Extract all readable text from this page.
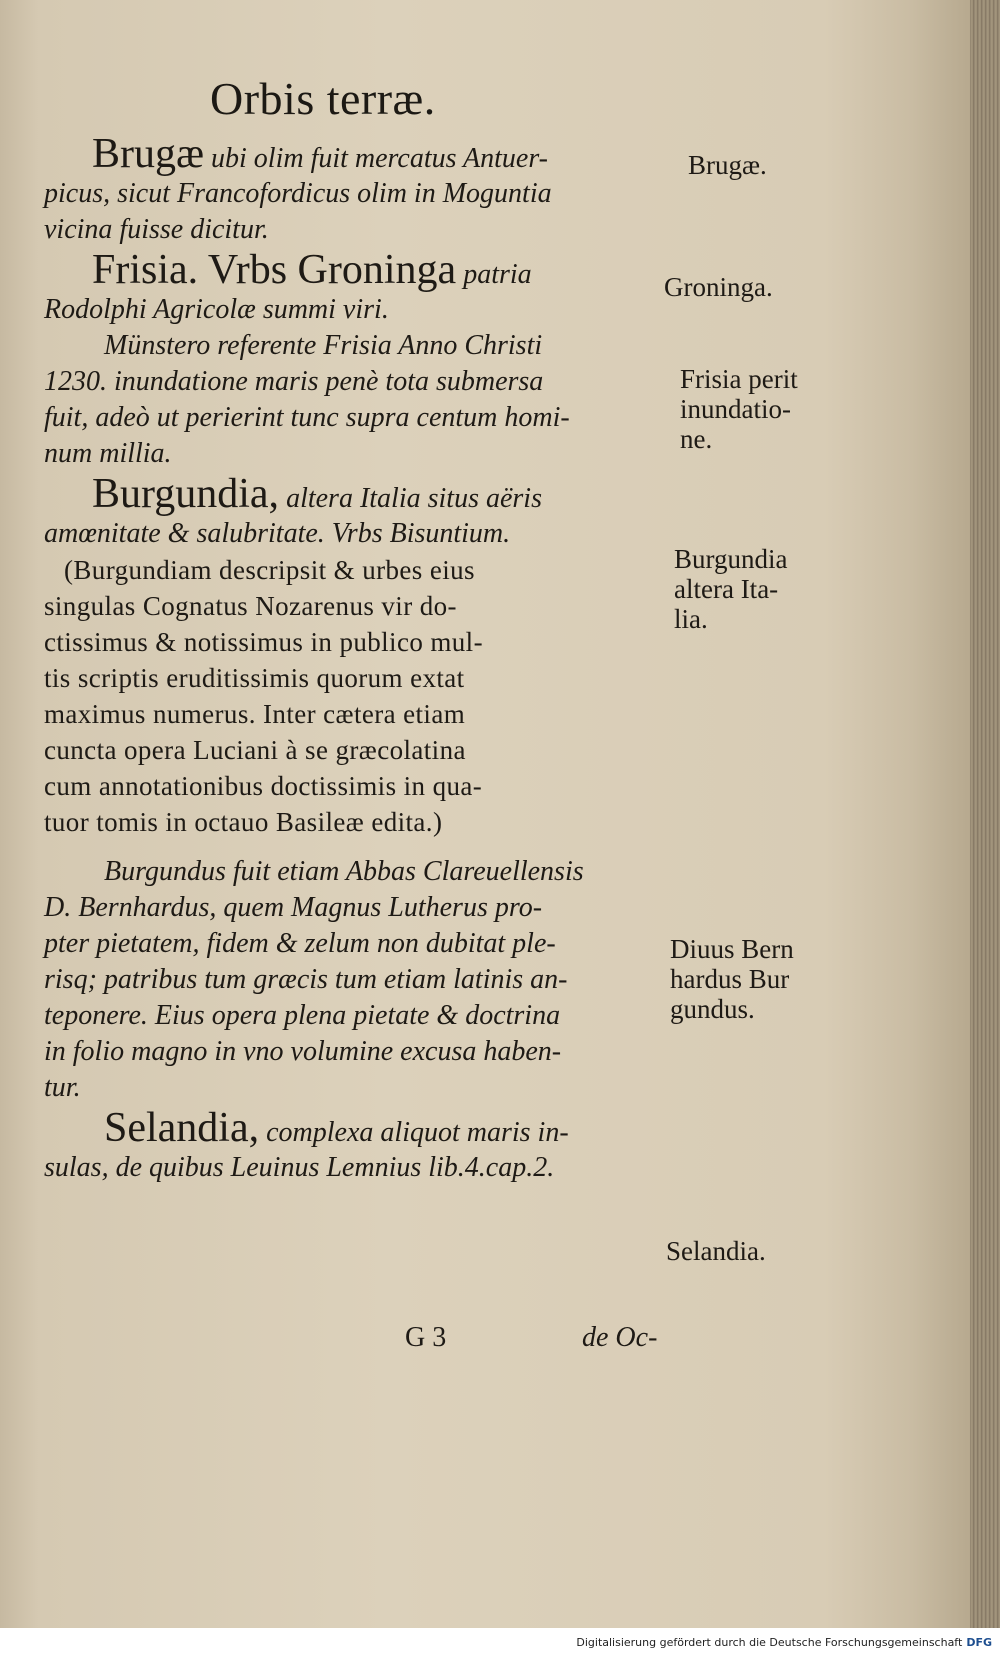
Orbis terræ.
Brugæ ubi olim fuit mercatus Antuer-
picus, sicut Francofordicus olim in Moguntia
vicina fuisse dicitur.
Frisia. Vrbs Groninga patria
Rodolphi Agricolæ summi viri.
Münstero referente Frisia Anno Christi
1230. inundatione maris penè tota submersa
fuit, adeò ut perierint tunc supra centum homi-
num millia.
Burgundia, altera Italia situs aëris
amœnitate & salubritate. Vrbs Bisuntium.
(Burgundiam descripsit & urbes eius
singulas Cognatus Nozarenus vir do-
ctissimus & notissimus in publico mul-
tis scriptis eruditissimis quorum extat
maximus numerus. Inter cætera etiam
cuncta opera Luciani à se græcolatina
cum annotationibus doctissimis in qua-
tuor tomis in octauo Basileæ edita.)
Burgundus fuit etiam Abbas Clareuellensis
D. Bernhardus, quem Magnus Lutherus pro-
pter pietatem, fidem & zelum non dubitat ple-
risq; patribus tum græcis tum etiam latinis an-
teponere. Eius opera plena pietate & doctrina
in folio magno in vno volumine excusa haben-
tur.
Selandia, complexa aliquot maris in-
sulas, de quibus Leuinus Lemnius lib.4.cap.2.
Brugæ.
Groninga.
Frisia perit
inundatio-
ne.
Burgundia
altera Ita-
lia.
Diuus Bern
hardus Bur
gundus.
Selandia.
G 3	de Oc-
Digitalisierung gefördert durch die Deutsche Forschungsgemeinschaft DFG
